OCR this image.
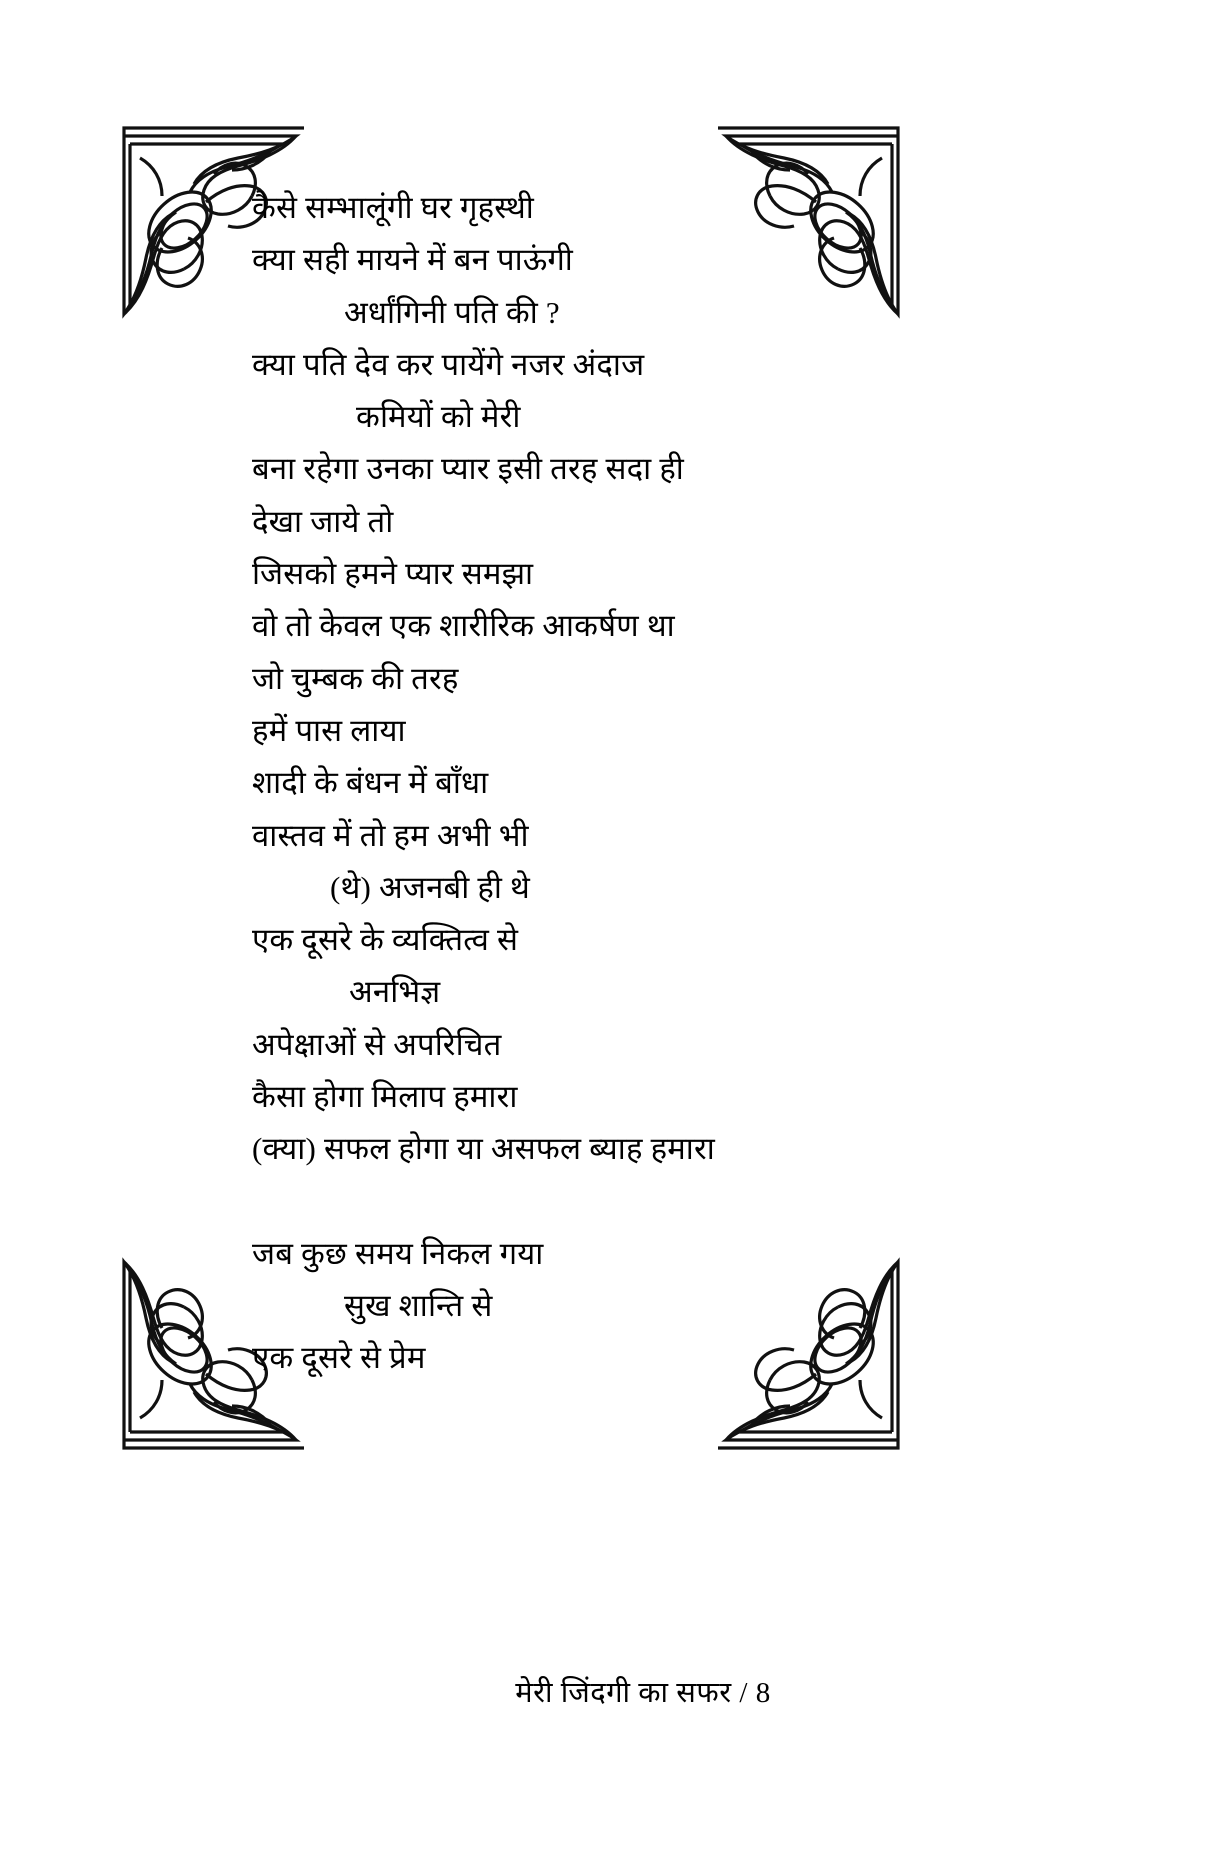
कैसे सम्भालूंगी घर गृहस्थी
क्या सही मायने में बन पाऊंगी
अर्धांगिनी पति की ?
क्या पति देव कर पायेंगे नजर अंदाज
कमियों को मेरी
बना रहेगा उनका प्यार इसी तरह सदा ही
देखा जाये तो
जिसको हमने प्यार समझा
वो तो केवल एक शारीरिक आकर्षण था
जो चुम्बक की तरह
हमें पास लाया
शादी के बंधन में बाँधा
वास्तव में तो हम अभी भी
(थे) अजनबी ही थे
एक दूसरे के व्यक्तित्व से
अनभिज्ञ
अपेक्षाओं से अपरिचित
कैसा होगा मिलाप हमारा
(क्या) सफल होगा या असफल ब्याह हमारा
जब कुछ समय निकल गया
सुख शान्ति से
एक दूसरे से प्रेम
मेरी जिंदगी का सफर / 8
